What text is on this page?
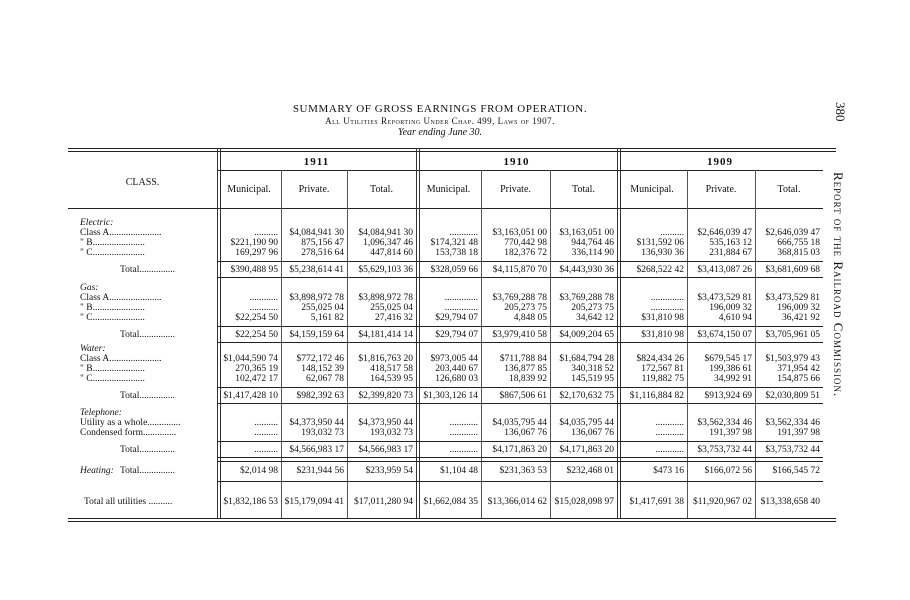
SUMMARY OF GROSS EARNINGS FROM OPERATION.
All Utilities Reporting Under Chap. 499, Laws of 1907.
Year ending June 30.
380
Report of the Railroad Commission.
CLASS.
1911	1910	1909
Municipal.	Private.	Total.	Municipal.	Private.	Total.	Municipal.	Private.	Total.
Electric:
Class A......................	..........	$4,084,941 30	$4,084,941 30	............	$3,163,051 00	$3,163,051 00	..........	$2,646,039 47	$2,646,039 47
" B......................	$221,190 90	875,156 47	1,096,347 46	$174,321 48	770,442 98	944,764 46	$131,592 06	535,163 12	666,755 18
" C......................	169,297 96	278,516 64	447,814 60	153,738 18	182,376 72	336,114 90	136,930 36	231,884 67	368,815 03
Total...............	$390,488 95	$5,238,614 41	$5,629,103 36	$328,059 66	$4,115,870 70	$4,443,930 36	$268,522 42	$3,413,087 26	$3,681,609 68
Gas:
Class A......................	............	$3,898,972 78	$3,898,972 78	..............	$3,769,288 78	$3,769,288 78	..............	$3,473,529 81	$3,473,529 81
" B......................	............	255,025 04	255,025 04	..............	205,273 75	205,273 75	..............	196,009 32	196,009 32
" C......................	$22,254 50	5,161 82	27,416 32	$29,794 07	4,848 05	34,642 12	$31,810 98	4,610 94	36,421 92
Total...............	$22,254 50	$4,159,159 64	$4,181,414 14	$29,794 07	$3,979,410 58	$4,009,204 65	$31,810 98	$3,674,150 07	$3,705,961 05
Water:
Class A......................	$1,044,590 74	$772,172 46	$1,816,763 20	$973,005 44	$711,788 84	$1,684,794 28	$824,434 26	$679,545 17	$1,503,979 43
" B......................	270,365 19	148,152 39	418,517 58	203,440 67	136,877 85	340,318 52	172,567 81	199,386 61	371,954 42
" C......................	102,472 17	62,067 78	164,539 95	126,680 03	18,839 92	145,519 95	119,882 75	34,992 91	154,875 66
Total...............	$1,417,428 10	$982,392 63	$2,399,820 73	$1,303,126 14	$867,506 61	$2,170,632 75	$1,116,884 82	$913,924 69	$2,030,809 51
Telephone:
Utility as a whole..............	..........	$4,373,950 44	$4,373,950 44	............	$4,035,795 44	$4,035,795 44	............	$3,562,334 46	$3,562,334 46
Condensed form..............	..........	193,032 73	193,032 73	............	136,067 76	136,067 76	............	191,397 98	191,397 98
Total...............	..........	$4,566,983 17	$4,566,983 17	............	$4,171,863 20	$4,171,863 20	............	$3,753,732 44	$3,753,732 44
Heating: Total...............	$2,014 98	$231,944 56	$233,959 54	$1,104 48	$231,363 53	$232,468 01	$473 16	$166,072 56	$166,545 72
Total all utilities ..........	$1,832,186 53 $15,179,094 41	$17,011,280 94	$1,662,084 35	$13,366,014 62 $15,028,098 97	$1,417,691 38 $11,920,967 02 $13,338,658 40
